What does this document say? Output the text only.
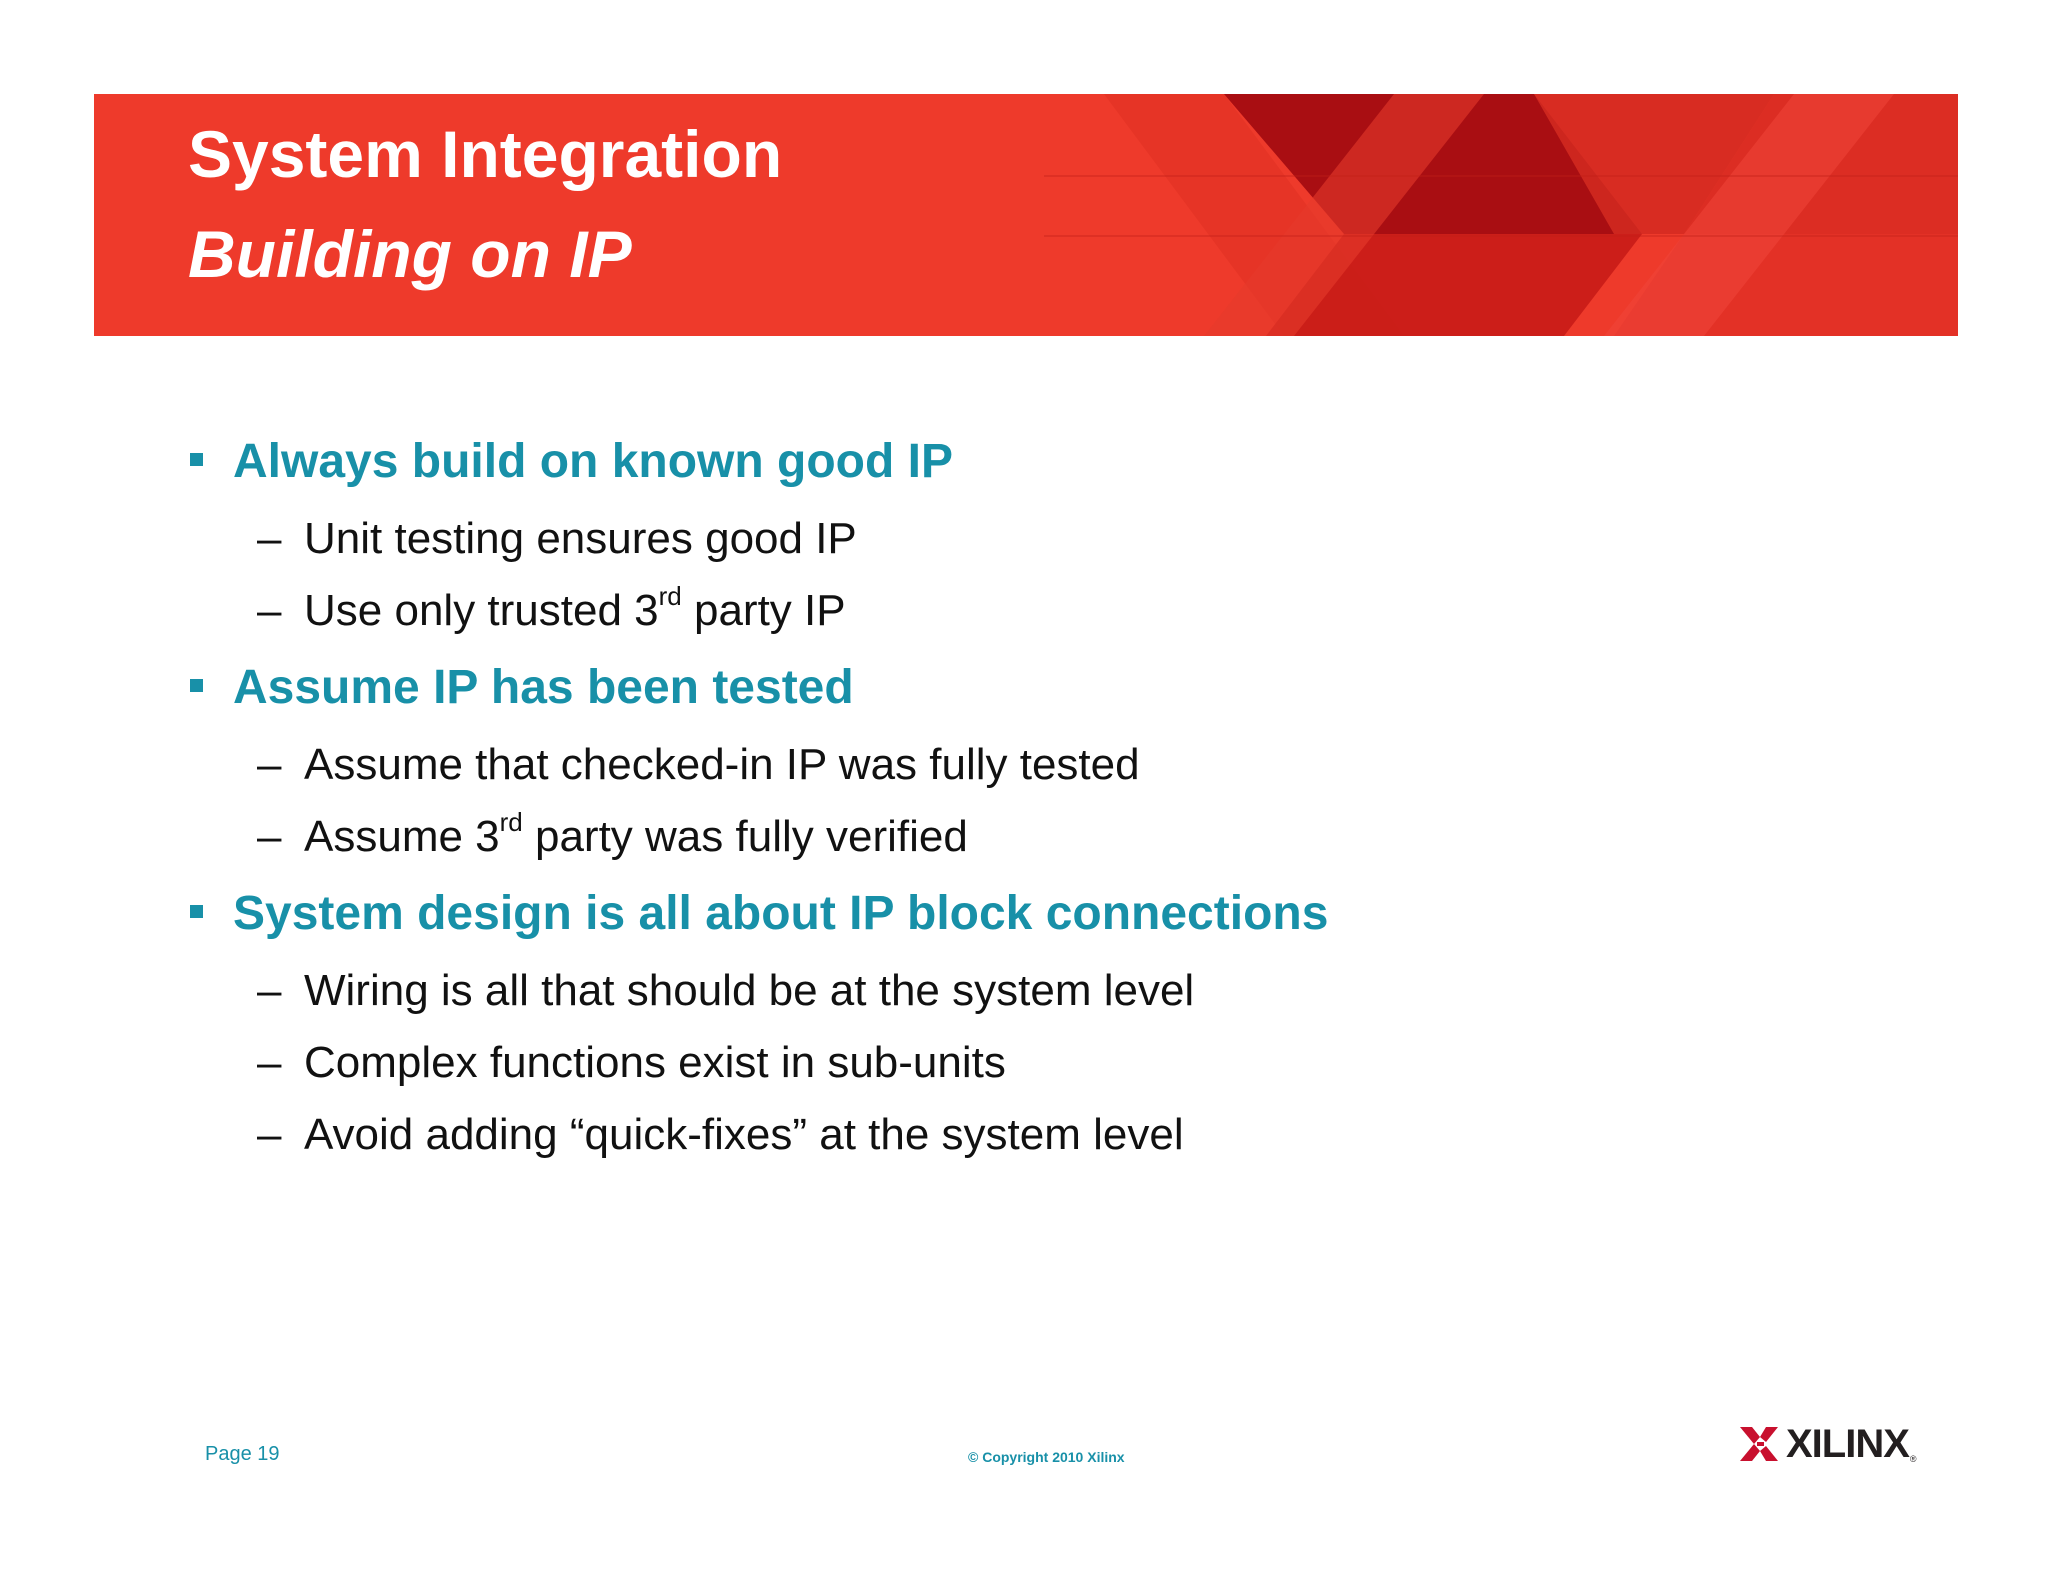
System Integration
Building on IP
Always build on known good IP
– Unit testing ensures good IP
– Use only trusted 3rd party IP
Assume IP has been tested
– Assume that checked-in IP was fully tested
– Assume 3rd party was fully verified
System design is all about IP block connections
– Wiring is all that should be at the system level
– Complex functions exist in sub-units
– Avoid adding “quick-fixes” at the system level
Page 19	© Copyright 2010 Xilinx	XILINX ®
